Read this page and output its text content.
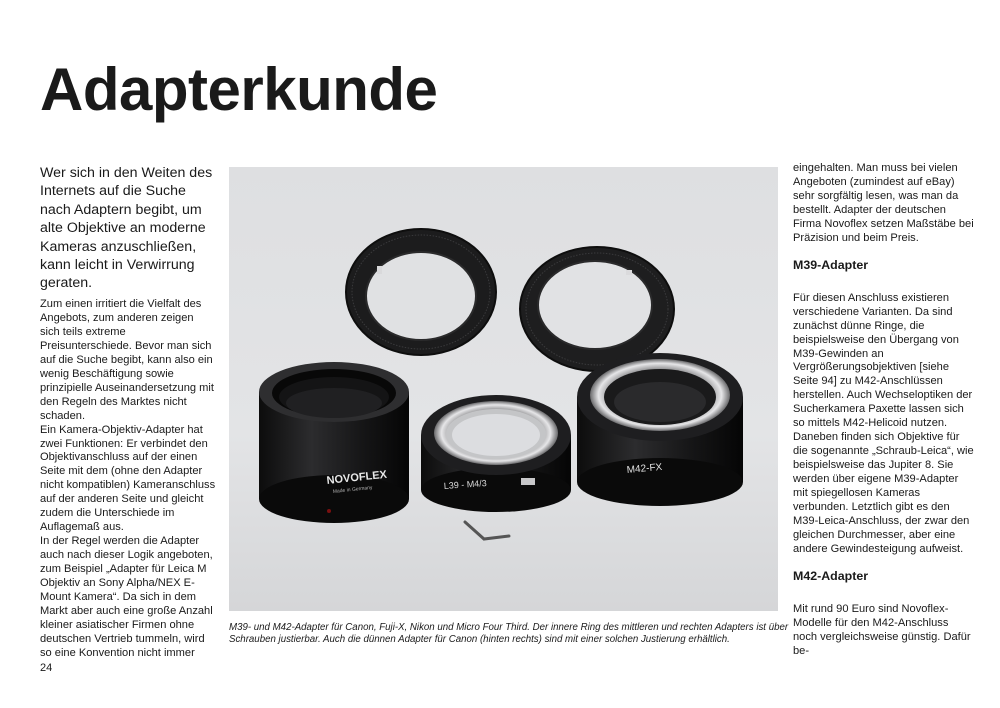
Adapterkunde

Wer sich in den Weiten des Internets auf die Suche nach Adaptern begibt, um alte Objektive an moderne Kameras anzuschließen, kann leicht in Verwirrung geraten.

Zum einen irritiert die Vielfalt des Angebots, zum anderen zeigen sich teils extreme Preisunterschiede. Bevor man sich auf die Suche begibt, kann also ein wenig Beschäftigung sowie prinzipielle Auseinandersetzung mit den Regeln des Marktes nicht schaden.

Ein Kamera-Objektiv-Adapter hat zwei Funktionen: Er verbindet den Objektivanschluss auf der einen Seite mit dem (ohne den Adapter nicht kompatiblen) Kameranschluss auf der anderen Seite und gleicht zudem die Unterschiede im Auflagemaß aus.

In der Regel werden die Adapter auch nach dieser Logik angeboten, zum Beispiel „Adapter für Leica M Objektiv an Sony Alpha/NEX E-Mount Kamera“. Da sich in dem Markt aber auch eine große Anzahl kleiner asiatischer Firmen ohne deutschen Vertrieb tummeln, wird so eine Konvention nicht immer

NOVOFLEX
Made in Germany	L39 - M4/3
M42-FX

M39- und M42-Adapter für Canon, Fuji-X, Nikon und Micro Four Third. Der innere Ring des mittleren und rechten Adapters ist über Schrauben justierbar. Auch die dünnen Adapter für Canon (hinten rechts) sind mit einer solchen Justierung erhältlich.

eingehalten. Man muss bei vielen Angeboten (zumindest auf eBay) sehr sorgfältig lesen, was man da bestellt. Adapter der deutschen Firma Novoflex setzen Maßstäbe bei Präzision und beim Preis.

M39-Adapter

Für diesen Anschluss existieren verschiedene Varianten. Da sind zunächst dünne Ringe, die beispielsweise den Übergang von M39-Gewinden an Vergrößerungsobjektiven [siehe Seite 94] zu M42-Anschlüssen herstellen. Auch Wechseloptiken der Sucherkamera Paxette lassen sich so mittels M42-Helicoid nutzen. Daneben finden sich Objektive für die sogenannte „Schraub-Leica“, wie beispielsweise das Jupiter 8. Sie werden über eigene M39-Adapter mit spiegellosen Kameras verbunden. Letztlich gibt es den M39-Leica-Anschluss, der zwar den gleichen Durchmesser, aber eine andere Gewindesteigung aufweist.

M42-Adapter

Mit rund 90 Euro sind Novoflex-Modelle für den M42-Anschluss noch vergleichsweise günstig. Dafür be-

24
